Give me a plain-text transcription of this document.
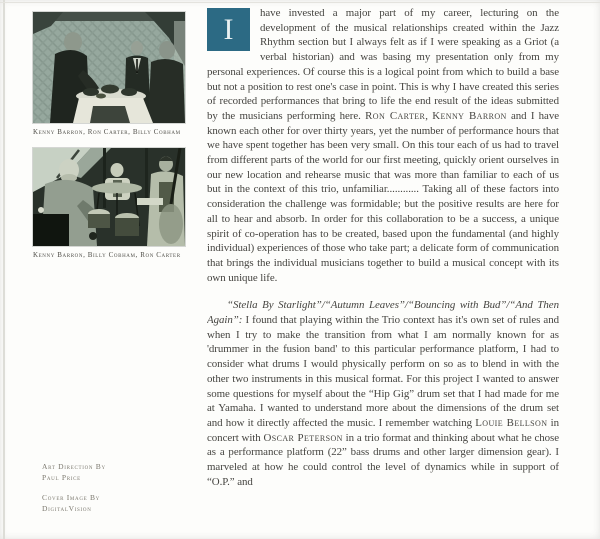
Kenny Barron, Ron Carter, Billy Cobham
Kenny Barron, Billy Cobham, Ron Carter
Art Direction By
Paul Price
Cover Image By
DigitalVision

I	have invested a major part of my career, lecturing on the development of the musical relationships created within the Jazz Rhythm section but I always felt as if I were speaking as a Griot (a verbal historian) and was basing my presentation only from my personal experiences. Of course this is a logical point from which to build a base but not a position to rest one's case in point. This is why I have created this series of recorded performances that bring to life the end result of the ideas submitted by the musicians performing here. Ron Carter, Kenny Barron and I have known each other for over thirty years, yet the number of performance hours that we have spent together has been very small. On this tour each of us had to travel from different parts of the world for our first meeting, quickly orient ourselves in our new location and rehearse music that was more than familiar to each of us but in the context of this trio, unfamiliar............ Taking all of these factors into consideration the challenge was formidable; but the positive results are here for all to hear and absorb. In order for this collaboration to be a success, a unique spirit of co-operation has to be created, based upon the fundamental (and highly individual) experiences of those who take part; a delicate form of communication that brings the individual musicians together to build a musical concept with its own unique life.

“Stella By Starlight”/“Autumn Leaves”/“Bouncing with Bud”/“And Then Again”: I found that playing within the Trio context has it's own set of rules and when I try to make the transition from what I am normally known for as 'drummer in the fusion band' to this particular performance platform, I had to consider what drums I would physically perform on so as to blend in with the other two instruments in this musical format. For this project I wanted to answer some questions for myself about the “Hip Gig” drum set that I had made for me at Yamaha. I wanted to understand more about the dimensions of the drum set and how it directly affected the music. I remember watching Louie Bellson in concert with Oscar Peterson in a trio format and thinking about what he chose as a performance platform (22” bass drums and other larger dimension gear). I marveled at how he could control the level of dynamics while in support of “O.P.” and
